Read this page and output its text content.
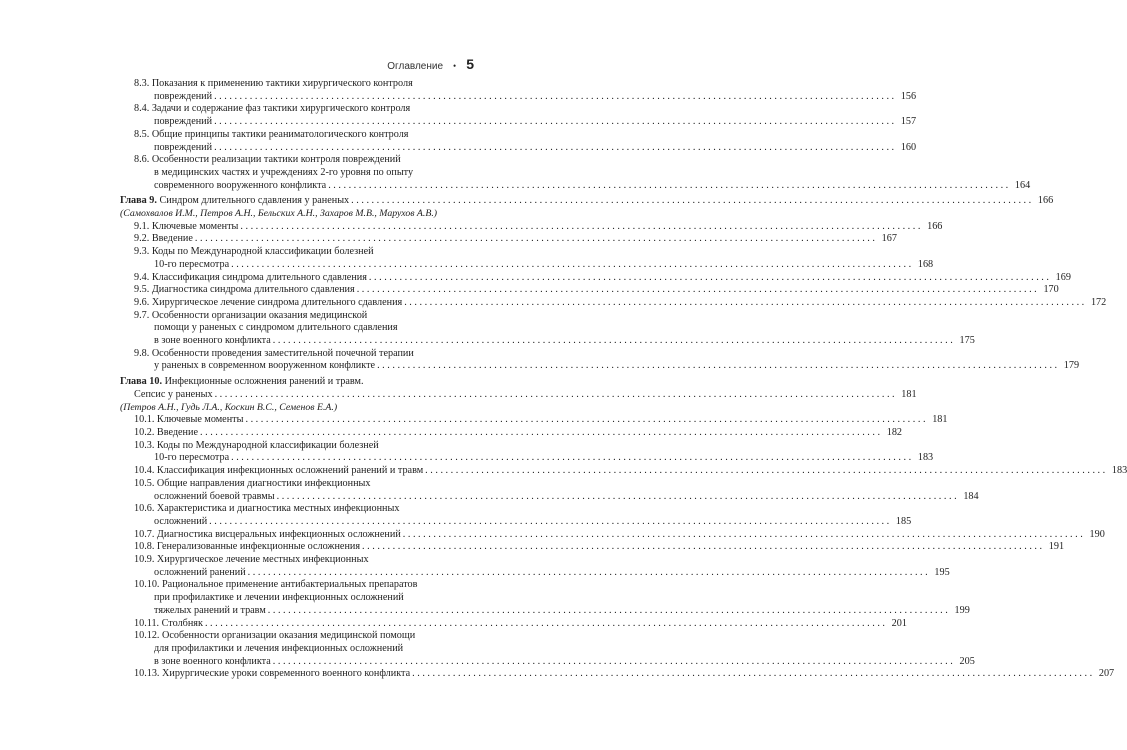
Оглавление • 5
8.3. Показания к применению тактики хирургического контроля
повреждений . . .	156
8.4. Задачи и содержание фаз тактики хирургического контроля
повреждений . . .	157
8.5. Общие принципы тактики реаниматологического контроля
повреждений . . .	160
8.6. Особенности реализации тактики контроля повреждений
в медицинских частях и учреждениях 2-го уровня по опыту
современного вооруженного конфликта . . .	164
Глава 9. Синдром длительного сдавления у раненых . . .	166
(Самохвалов И.М., Петров А.Н., Бельских А.Н., Захаров М.В., Марухов А.В.)
9.1. Ключевые моменты . . .	166
9.2. Введение . . .	167
9.3. Коды по Международной классификации болезней
10-го пересмотра . . .	168
9.4. Классификация синдрома длительного сдавления . . .	169
9.5. Диагностика синдрома длительного сдавления . . .	170
9.6. Хирургическое лечение синдрома длительного сдавления . . .	172
9.7. Особенности организации оказания медицинской
помощи у раненых с синдромом длительного сдавления
в зоне военного конфликта . . .	175
9.8. Особенности проведения заместительной почечной терапии
у раненых в современном вооруженном конфликте . . .	179
Глава 10. Инфекционные осложнения ранений и травм.
Сепсис у раненых . . .	181
(Петров А.Н., Гудь Л.А., Коскин В.С., Семенов Е.А.)
10.1. Ключевые моменты . . .	181
10.2. Введение . . .	182
10.3. Коды по Международной классификации болезней
10-го пересмотра . . .	183
10.4. Классификация инфекционных осложнений ранений и травм . . .	183
10.5. Общие направления диагностики инфекционных
осложнений боевой травмы . . .	184
10.6. Характеристика и диагностика местных инфекционных
осложнений . . .	185
10.7. Диагностика висцеральных инфекционных осложнений . . .	190
10.8. Генерализованные инфекционные осложнения . . .	191
10.9. Хирургическое лечение местных инфекционных
осложнений ранений . . .	195
10.10. Рациональное применение антибактериальных препаратов
при профилактике и лечении инфекционных осложнений
тяжелых ранений и травм . . .	199
10.11. Столбняк . . .	201
10.12. Особенности организации оказания медицинской помощи
для профилактики и лечения инфекционных осложнений
в зоне военного конфликта . . .	205
10.13. Хирургические уроки современного военного конфликта . . .	207
